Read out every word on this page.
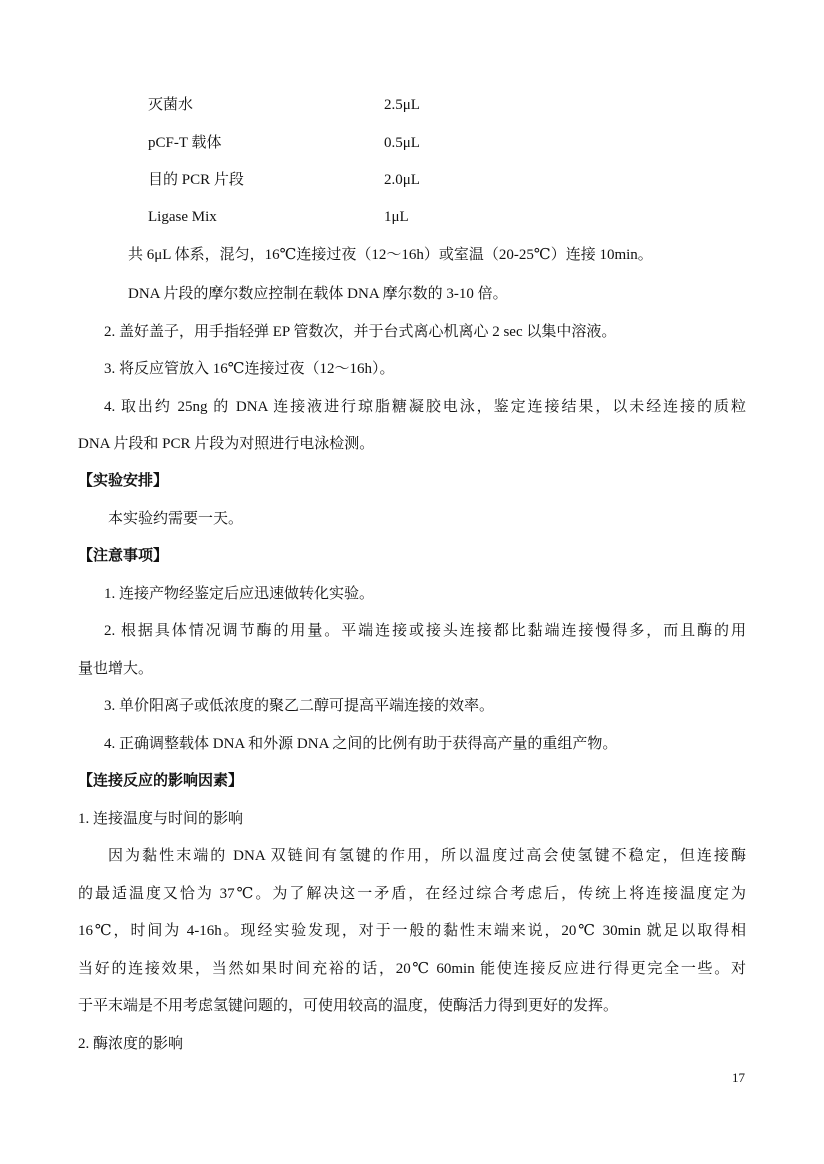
灭菌水	2.5μL
pCF-T 载体	0.5μL
目的 PCR 片段	2.0μL
Ligase Mix	1μL
共 6μL 体系，混匀，16℃连接过夜（12～16h）或室温（20-25℃）连接 10min。
DNA 片段的摩尔数应控制在载体 DNA 摩尔数的 3-10 倍。
2. 盖好盖子，用手指轻弹 EP 管数次，并于台式离心机离心 2 sec 以集中溶液。
3. 将反应管放入 16℃连接过夜（12～16h）。
4. 取出约 25ng 的 DNA 连接液进行琼脂糖凝胶电泳，鉴定连接结果，以未经连接的质粒
DNA 片段和 PCR 片段为对照进行电泳检测。
【实验安排】
本实验约需要一天。
【注意事项】
1. 连接产物经鉴定后应迅速做转化实验。
2. 根据具体情况调节酶的用量。平端连接或接头连接都比黏端连接慢得多，而且酶的用
量也增大。
3. 单价阳离子或低浓度的聚乙二醇可提高平端连接的效率。
4. 正确调整载体 DNA 和外源 DNA 之间的比例有助于获得高产量的重组产物。
【连接反应的影响因素】
1. 连接温度与时间的影响
因为黏性末端的 DNA 双链间有氢键的作用，所以温度过高会使氢键不稳定，但连接酶
的最适温度又恰为 37℃。为了解决这一矛盾，在经过综合考虑后，传统上将连接温度定为
16℃，时间为 4-16h。现经实验发现，对于一般的黏性末端来说，20℃ 30min 就足以取得相
当好的连接效果，当然如果时间充裕的话，20℃ 60min 能使连接反应进行得更完全一些。对
于平末端是不用考虑氢键问题的，可使用较高的温度，使酶活力得到更好的发挥。
2. 酶浓度的影响
17
